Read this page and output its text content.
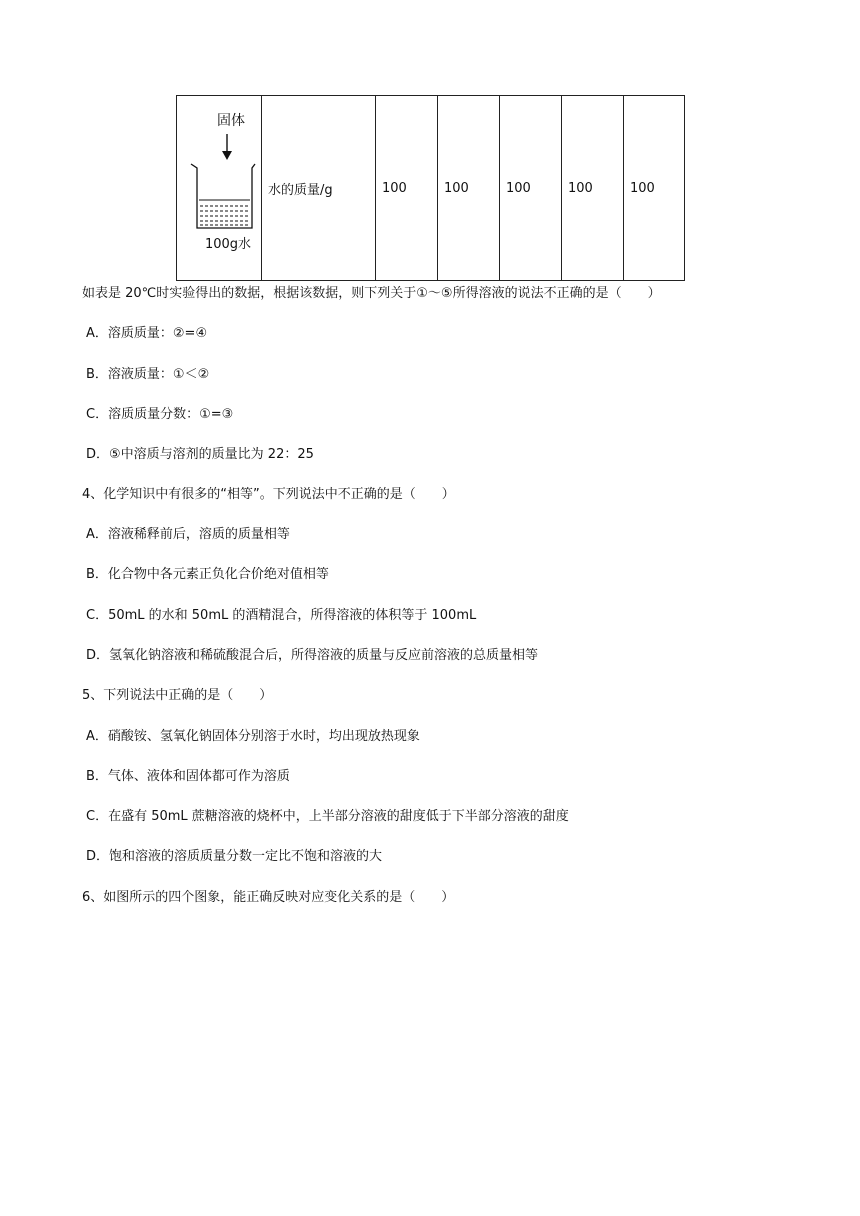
固体
100g水
	水的质量/g	100	100	100	100	100
如表是 20℃时实验得出的数据，根据该数据，则下列关于①～⑤所得溶液的说法不正确的是（　　）
A．溶质质量：②=④
B．溶液质量：①＜②
C．溶质质量分数：①=③
D．⑤中溶质与溶剂的质量比为 22：25
4、化学知识中有很多的“相等”。下列说法中不正确的是（　　）
A．溶液稀释前后，溶质的质量相等
B．化合物中各元素正负化合价绝对值相等
C．50mL 的水和 50mL 的酒精混合，所得溶液的体积等于 100mL
D．氢氧化钠溶液和稀硫酸混合后，所得溶液的质量与反应前溶液的总质量相等
5、下列说法中正确的是（　　）
A．硝酸铵、氢氧化钠固体分别溶于水时，均出现放热现象
B．气体、液体和固体都可作为溶质
C．在盛有 50mL 蔗糖溶液的烧杯中，上半部分溶液的甜度低于下半部分溶液的甜度
D．饱和溶液的溶质质量分数一定比不饱和溶液的大
6、如图所示的四个图象，能正确反映对应变化关系的是（　　）
